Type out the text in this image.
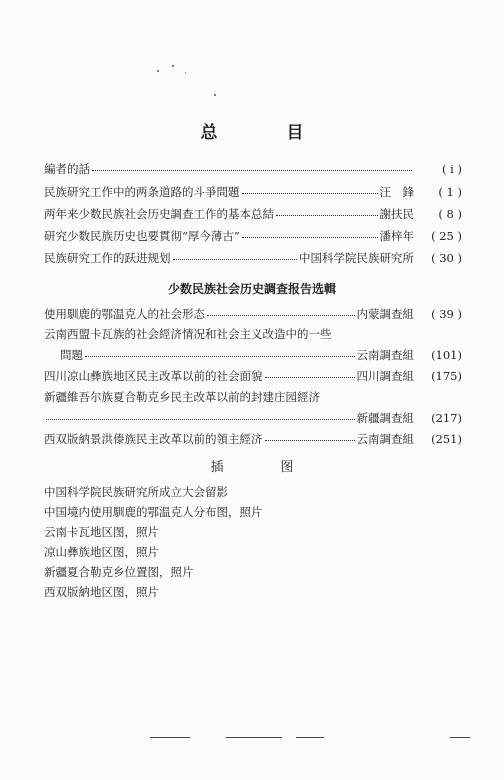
总　目
編者的話	( i )
民族研究工作中的两条道路的斗爭問題	汪　鋒	( 1 )
两年来少数民族社会历史調查工作的基本总結	謝扶民	( 8 )
研究少数民族历史也要貫彻“厚今薄古”	潘梓年	( 25 )
民族研究工作的跃进规划	中国科学院民族研究所	( 30 )
少数民族社会历史調查报告选輯
使用馴鹿的鄂温克人的社会形态	内蒙調查組	( 39 )
云南西盟卡瓦族的社会經济情况和社会主义改造中的一些
問題	云南調查組	(101)
四川凉山彝族地区民主改革以前的社会面貌	四川調查組	(175)
新疆維吾尔族夏合勒克乡民主改革以前的封建庄园經济
新疆調查組	(217)
西双版納景洪傣族民主改革以前的領主經济	云南調查組	(251)
插　图
中国科学院民族研究所成立大会留影
中国境内使用馴鹿的鄂温克人分布图，照片
云南卡瓦地区图，照片
凉山彝族地区图，照片
新疆夏合勒克乡位置图，照片
西双版納地区图，照片
